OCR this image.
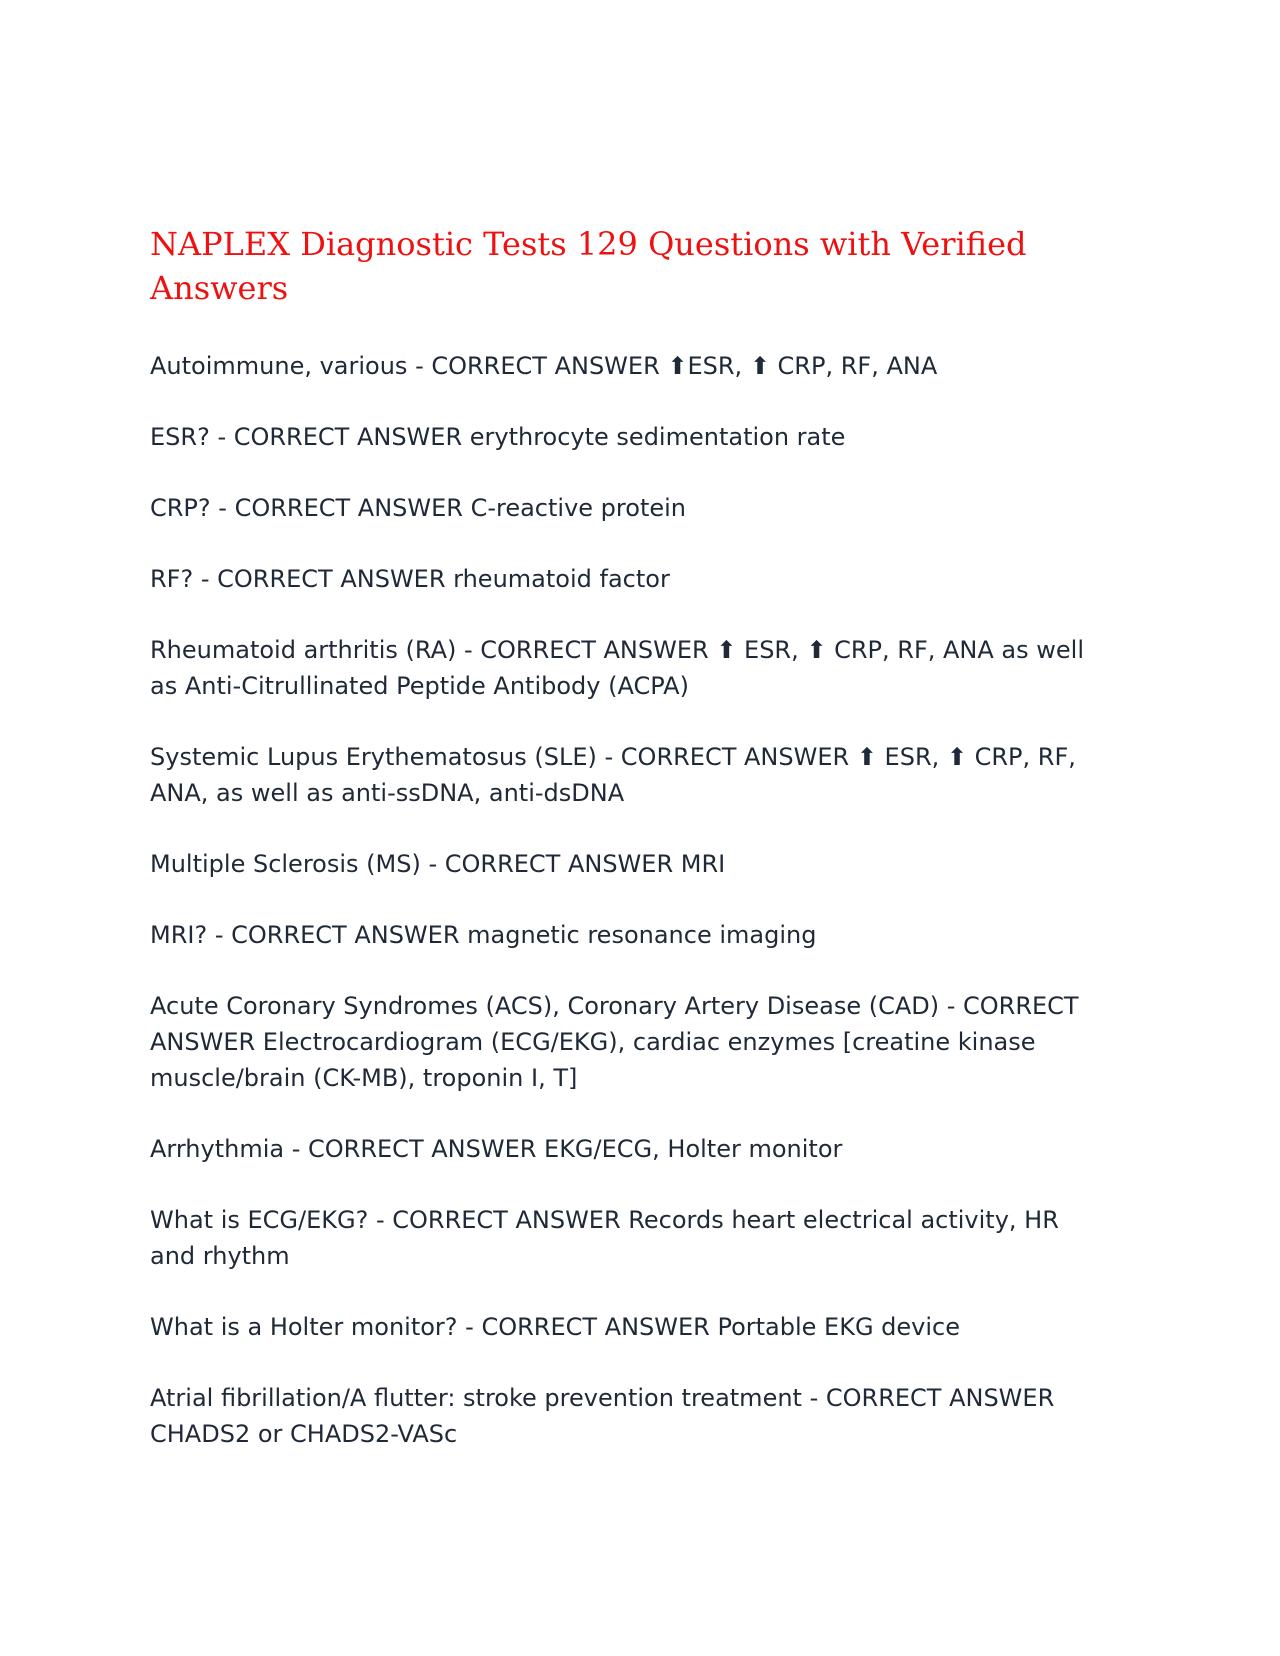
NAPLEX Diagnostic Tests 129 Questions with Verified Answers

Autoimmune, various - CORRECT ANSWER ⬆ESR, ⬆ CRP, RF, ANA

ESR? - CORRECT ANSWER erythrocyte sedimentation rate

CRP? - CORRECT ANSWER C-reactive protein

RF? - CORRECT ANSWER rheumatoid factor

Rheumatoid arthritis (RA) - CORRECT ANSWER ⬆ ESR, ⬆ CRP, RF, ANA as well as Anti-Citrullinated Peptide Antibody (ACPA)

Systemic Lupus Erythematosus (SLE) - CORRECT ANSWER ⬆ ESR, ⬆ CRP, RF, ANA, as well as anti-ssDNA, anti-dsDNA

Multiple Sclerosis (MS) - CORRECT ANSWER MRI

MRI? - CORRECT ANSWER magnetic resonance imaging

Acute Coronary Syndromes (ACS), Coronary Artery Disease (CAD) - CORRECT ANSWER Electrocardiogram (ECG/EKG), cardiac enzymes [creatine kinase muscle/brain (CK-MB), troponin I, T]

Arrhythmia - CORRECT ANSWER EKG/ECG, Holter monitor

What is ECG/EKG? - CORRECT ANSWER Records heart electrical activity, HR and rhythm

What is a Holter monitor? - CORRECT ANSWER Portable EKG device

Atrial fibrillation/A flutter: stroke prevention treatment - CORRECT ANSWER CHADS2 or CHADS2-VASc
